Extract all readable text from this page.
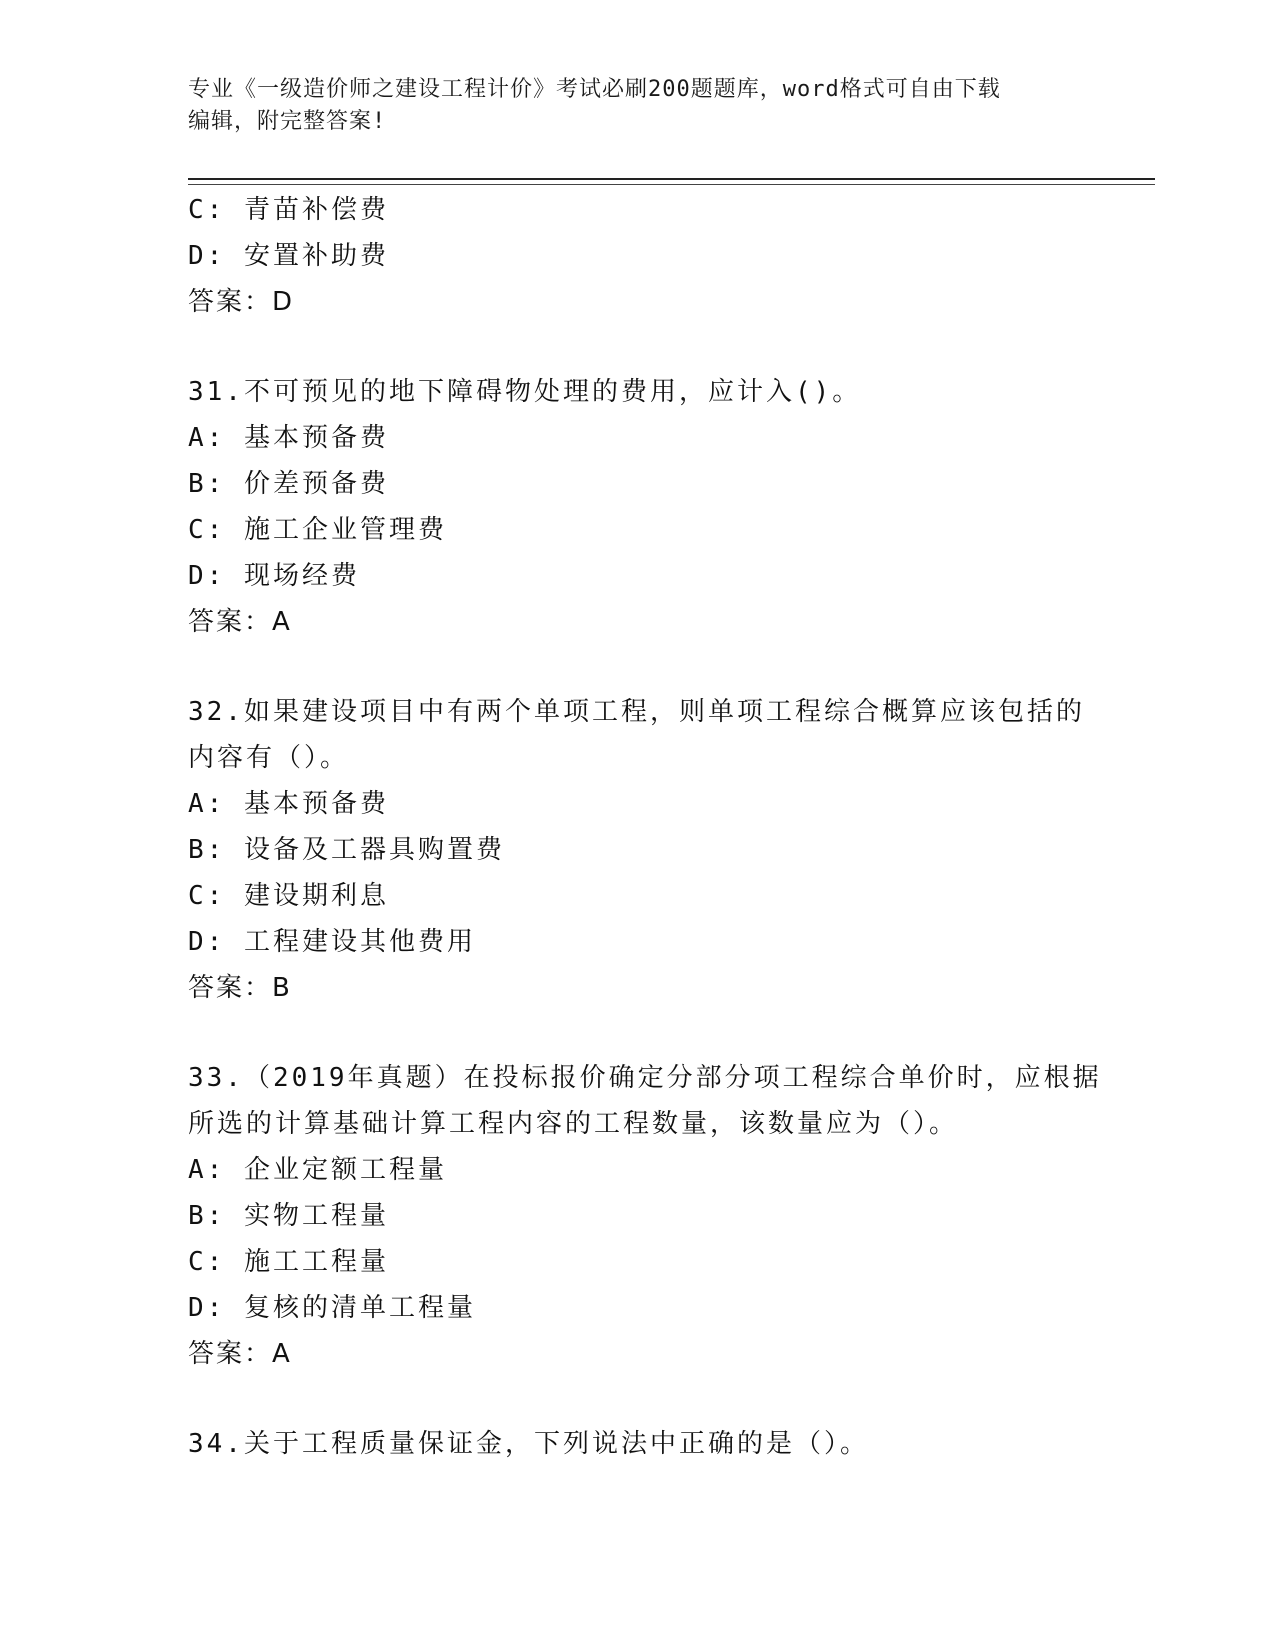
专业《一级造价师之建设工程计价》考试必刷200题题库，word格式可自由下载
编辑，附完整答案!
C: 青苗补偿费
D: 安置补助费
答案：D
31.不可预见的地下障碍物处理的费用，应计入()。
A: 基本预备费
B: 价差预备费
C: 施工企业管理费
D: 现场经费
答案：A
32.如果建设项目中有两个单项工程，则单项工程综合概算应该包括的
内容有（）。
A: 基本预备费
B: 设备及工器具购置费
C: 建设期利息
D: 工程建设其他费用
答案：B
33.（2019年真题）在投标报价确定分部分项工程综合单价时，应根据
所选的计算基础计算工程内容的工程数量，该数量应为（）。
A: 企业定额工程量
B: 实物工程量
C: 施工工程量
D: 复核的清单工程量
答案：A
34.关于工程质量保证金，下列说法中正确的是（）。
